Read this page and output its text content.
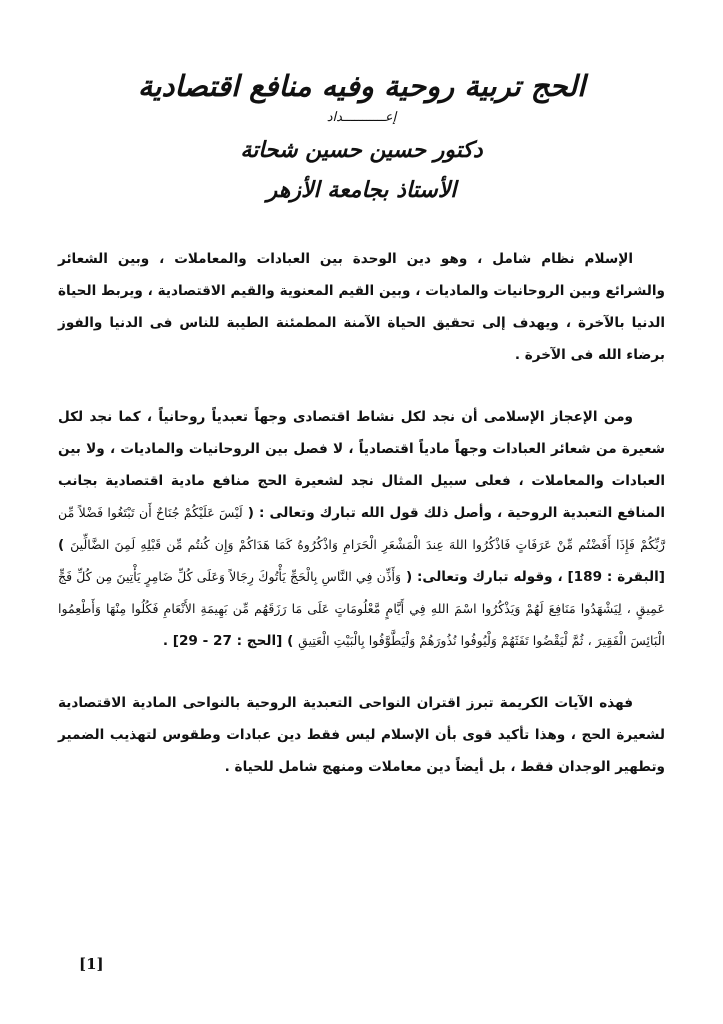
الحج تربية روحية وفيه منافع اقتصادية
إعـــــــــــداد
دكتور حسين حسين شحاتة
الأستاذ بجامعة الأزهر

الإسلام نظام شامل ، وهو دين الوحدة بين العبادات والمعاملات ، وبين الشعائر والشرائع وبين الروحانيات والماديات ، وبين القيم المعنوية والقيم الاقتصادية ، ويربط الحياة الدنيا بالآخرة ، ويهدف إلى تحقيق الحياة الآمنة المطمئنة الطيبة للناس فى الدنيا والفوز برضاء الله فى الآخرة .

ومن الإعجاز الإسلامى أن نجد لكل نشاط اقتصادى وجهاً تعبدياً روحانياً ، كما نجد لكل شعيرة من شعائر العبادات وجهاً مادياً اقتصادياً ، لا فصل بين الروحانيات والماديات ، ولا بين العبادات والمعاملات ، فعلى سبيل المثال نجد لشعيرة الحج منافع مادية اقتصادية بجانب المنافع التعبدية الروحية ، وأصل ذلك قول الله تبارك وتعالى : ( لَيْسَ عَلَيْكُمْ جُنَاحٌ أَن تَبْتَغُوا فَضْلاً مِّن رَّبِّكُمْ فَإِذَا أَفَضْتُم مِّنْ عَرَفَاتٍ فَاذْكُرُوا اللهَ عِندَ الْمَشْعَرِ الْحَرَامِ وَاذْكُرُوهُ كَمَا هَدَاكُمْ وَإِن كُنتُم مِّن قَبْلِهِ لَمِنَ الضَّالِّينَ ) [البقرة : 189] ، وقوله تبارك وتعالى: ( وَأَذِّن فِي النَّاسِ بِالْحَجِّ يَأْتُوكَ رِجَالاً وَعَلَى كُلِّ ضَامِرٍ يَأْتِينَ مِن كُلِّ فَجٍّ عَمِيقٍ ، لِيَشْهَدُوا مَنَافِعَ لَهُمْ وَيَذْكُرُوا اسْمَ اللهِ فِي أَيَّامٍ مَّعْلُومَاتٍ عَلَى مَا رَزَقَهُم مِّن بَهِيمَةِ الأَنْعَامِ فَكُلُوا مِنْهَا وَأَطْعِمُوا الْبَائِسَ الْفَقِيرَ ، ثُمَّ لْيَقْضُوا تَفَثَهُمْ وَلْيُوفُوا نُذُورَهُمْ وَلْيَطَّوَّفُوا بِالْبَيْتِ الْعَتِيقِ ) [الحج : 27 - 29] .

فهذه الآيات الكريمة تبرز اقتران النواحى التعبدية الروحية بالنواحى المادية الاقتصادية لشعيرة الحج ، وهذا تأكيد قوى بأن الإسلام ليس فقط دين عبادات وطقوس لتهذيب الضمير وتطهير الوجدان فقط ، بل أيضاً دين معاملات ومنهج شامل للحياة .

[1]
